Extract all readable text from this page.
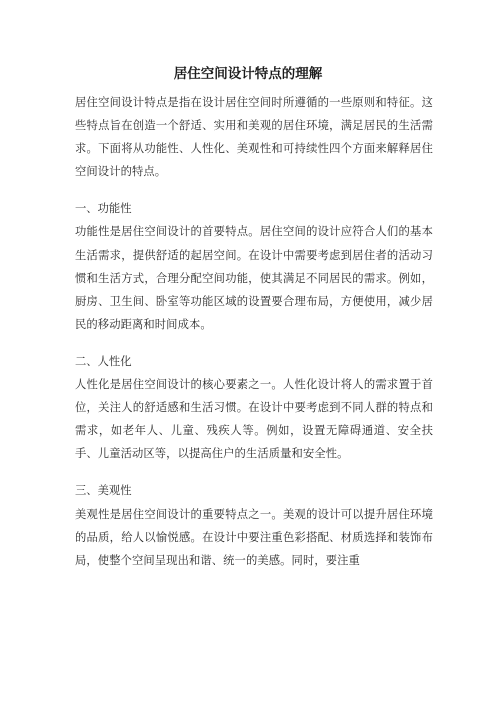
居住空间设计特点的理解

居住空间设计特点是指在设计居住空间时所遵循的一些原则和特征。这些特点旨在创造一个舒适、实用和美观的居住环境，满足居民的生活需求。下面将从功能性、人性化、美观性和可持续性四个方面来解释居住空间设计的特点。

一、功能性

功能性是居住空间设计的首要特点。居住空间的设计应符合人们的基本生活需求，提供舒适的起居空间。在设计中需要考虑到居住者的活动习惯和生活方式，合理分配空间功能，使其满足不同居民的需求。例如，厨房、卫生间、卧室等功能区域的设置要合理布局，方便使用，减少居民的移动距离和时间成本。

二、人性化

人性化是居住空间设计的核心要素之一。人性化设计将人的需求置于首位，关注人的舒适感和生活习惯。在设计中要考虑到不同人群的特点和需求，如老年人、儿童、残疾人等。例如，设置无障碍通道、安全扶手、儿童活动区等，以提高住户的生活质量和安全性。

三、美观性

美观性是居住空间设计的重要特点之一。美观的设计可以提升居住环境的品质，给人以愉悦感。在设计中要注重色彩搭配、材质选择和装饰布局，使整个空间呈现出和谐、统一的美感。同时，要注重
